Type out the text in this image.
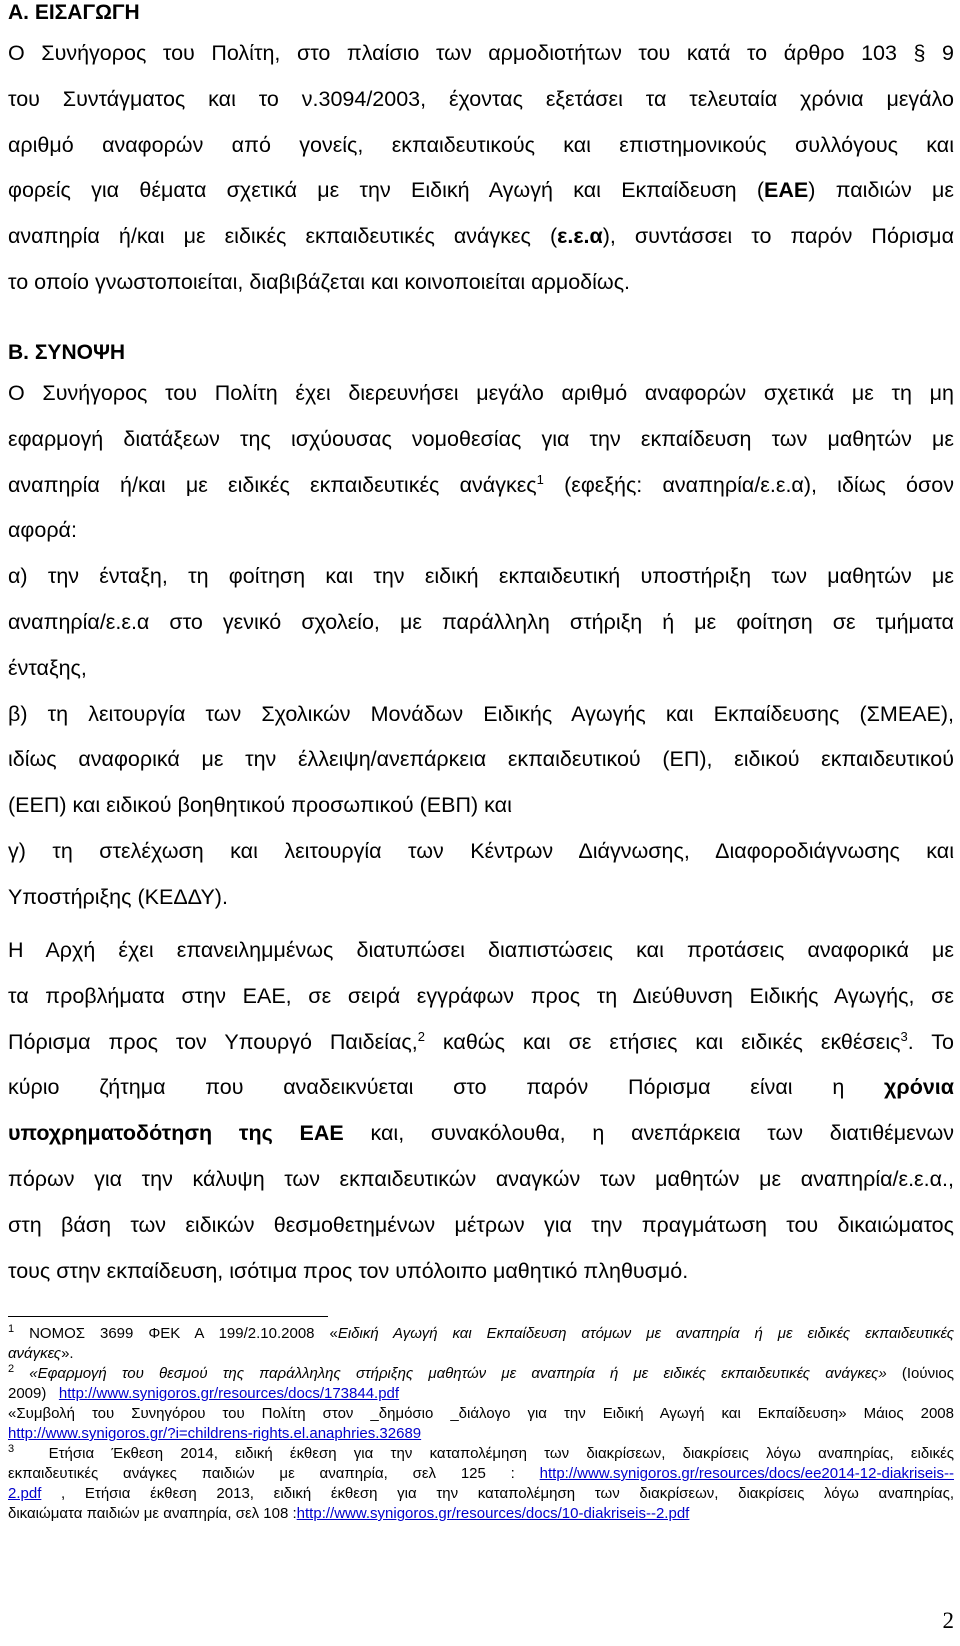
Α. ΕΙΣΑΓΩΓΗ
Ο Συνήγορος του Πολίτη, στο πλαίσιο των αρμοδιοτήτων του κατά το άρθρο 103 § 9
του Συντάγματος και το ν.3094/2003, έχοντας εξετάσει τα τελευταία χρόνια μεγάλο
αριθμό αναφορών από γονείς, εκπαιδευτικούς και επιστημονικούς συλλόγους και
φορείς για θέματα σχετικά με την Ειδική Αγωγή και Εκπαίδευση (ΕΑΕ) παιδιών με
αναπηρία ή/και με ειδικές εκπαιδευτικές ανάγκες (ε.ε.α), συντάσσει το παρόν Πόρισμα
το οποίο γνωστοποιείται, διαβιβάζεται και κοινοποιείται αρμοδίως.
Β. ΣΥΝΟΨΗ
Ο Συνήγορος του Πολίτη έχει διερευνήσει μεγάλο αριθμό αναφορών σχετικά με τη μη
εφαρμογή διατάξεων της ισχύουσας νομοθεσίας για την εκπαίδευση των μαθητών με
αναπηρία ή/και με ειδικές εκπαιδευτικές ανάγκες$^1$ (εφεξής: αναπηρία/ε.ε.α), ιδίως όσον
αφορά:
α) την ένταξη, τη φοίτηση και την ειδική εκπαιδευτική υποστήριξη των μαθητών με
αναπηρία/ε.ε.α στο γενικό σχολείο, με παράλληλη στήριξη ή με φοίτηση σε τμήματα
ένταξης,
β) τη λειτουργία των Σχολικών Μονάδων Ειδικής Αγωγής και Εκπαίδευσης (ΣΜΕΑΕ),
ιδίως αναφορικά με την έλλειψη/ανεπάρκεια εκπαιδευτικού (ΕΠ), ειδικού εκπαιδευτικού
(ΕΕΠ) και ειδικού βοηθητικού προσωπικού (ΕΒΠ) και
γ) τη στελέχωση και λειτουργία των Κέντρων Διάγνωσης, Διαφοροδιάγνωσης και
Υποστήριξης (ΚΕΔΔΥ).
Η Αρχή έχει επανειλημμένως διατυπώσει διαπιστώσεις και προτάσεις αναφορικά με
τα προβλήματα στην ΕΑΕ, σε σειρά εγγράφων προς τη Διεύθυνση Ειδικής Αγωγής, σε
Πόρισμα προς τον Υπουργό Παιδείας,$^2$ καθώς και σε ετήσιες και ειδικές εκθέσεις$^3$. Το
κύριο ζήτημα που αναδεικνύεται στο παρόν Πόρισμα είναι η χρόνια
υποχρηματοδότηση της ΕΑΕ και, συνακόλουθα, η ανεπάρκεια των διατιθέμενων
πόρων για την κάλυψη των εκπαιδευτικών αναγκών των μαθητών με αναπηρία/ε.ε.α.,
στη βάση των ειδικών θεσμοθετημένων μέτρων για την πραγμάτωση του δικαιώματος
τους στην εκπαίδευση, ισότιμα προς τον υπόλοιπο μαθητικό πληθυσμό.
$^1$ ΝΟΜΟΣ 3699 ΦΕΚ Α 199/2.10.2008 «Ειδική Αγωγή και Εκπαίδευση ατόμων με αναπηρία ή με ειδικές εκπαιδευτικές
ανάγκες».
$^2$ «Εφαρμογή του θεσμού της παράλληλης στήριξης μαθητών με αναπηρία ή με ειδικές εκπαιδευτικές ανάγκες» (Ιούνιος
2009) http://www.synigoros.gr/resources/docs/173844.pdf
«Συμβολή του Συνηγόρου του Πολίτη στον _δημόσιο _διάλογο για την Ειδική Αγωγή και Εκπαίδευση» Μάιος 2008
http://www.synigoros.gr/?i=childrens-rights.el.anaphries.32689
$^3$ Ετήσια Έκθεση 2014, ειδική έκθεση για την καταπολέμηση των διακρίσεων, διακρίσεις λόγω αναπηρίας, ειδικές
εκπαιδευτικές ανάγκες παιδιών με αναπηρία, σελ 125 : http://www.synigoros.gr/resources/docs/ee2014-12-diakriseis--
2.pdf , Ετήσια έκθεση 2013, ειδική έκθεση για την καταπολέμηση των διακρίσεων, διακρίσεις λόγω αναπηρίας,
δικαιώματα παιδιών με αναπηρία, σελ 108 :http://www.synigoros.gr/resources/docs/10-diakriseis--2.pdf
2
